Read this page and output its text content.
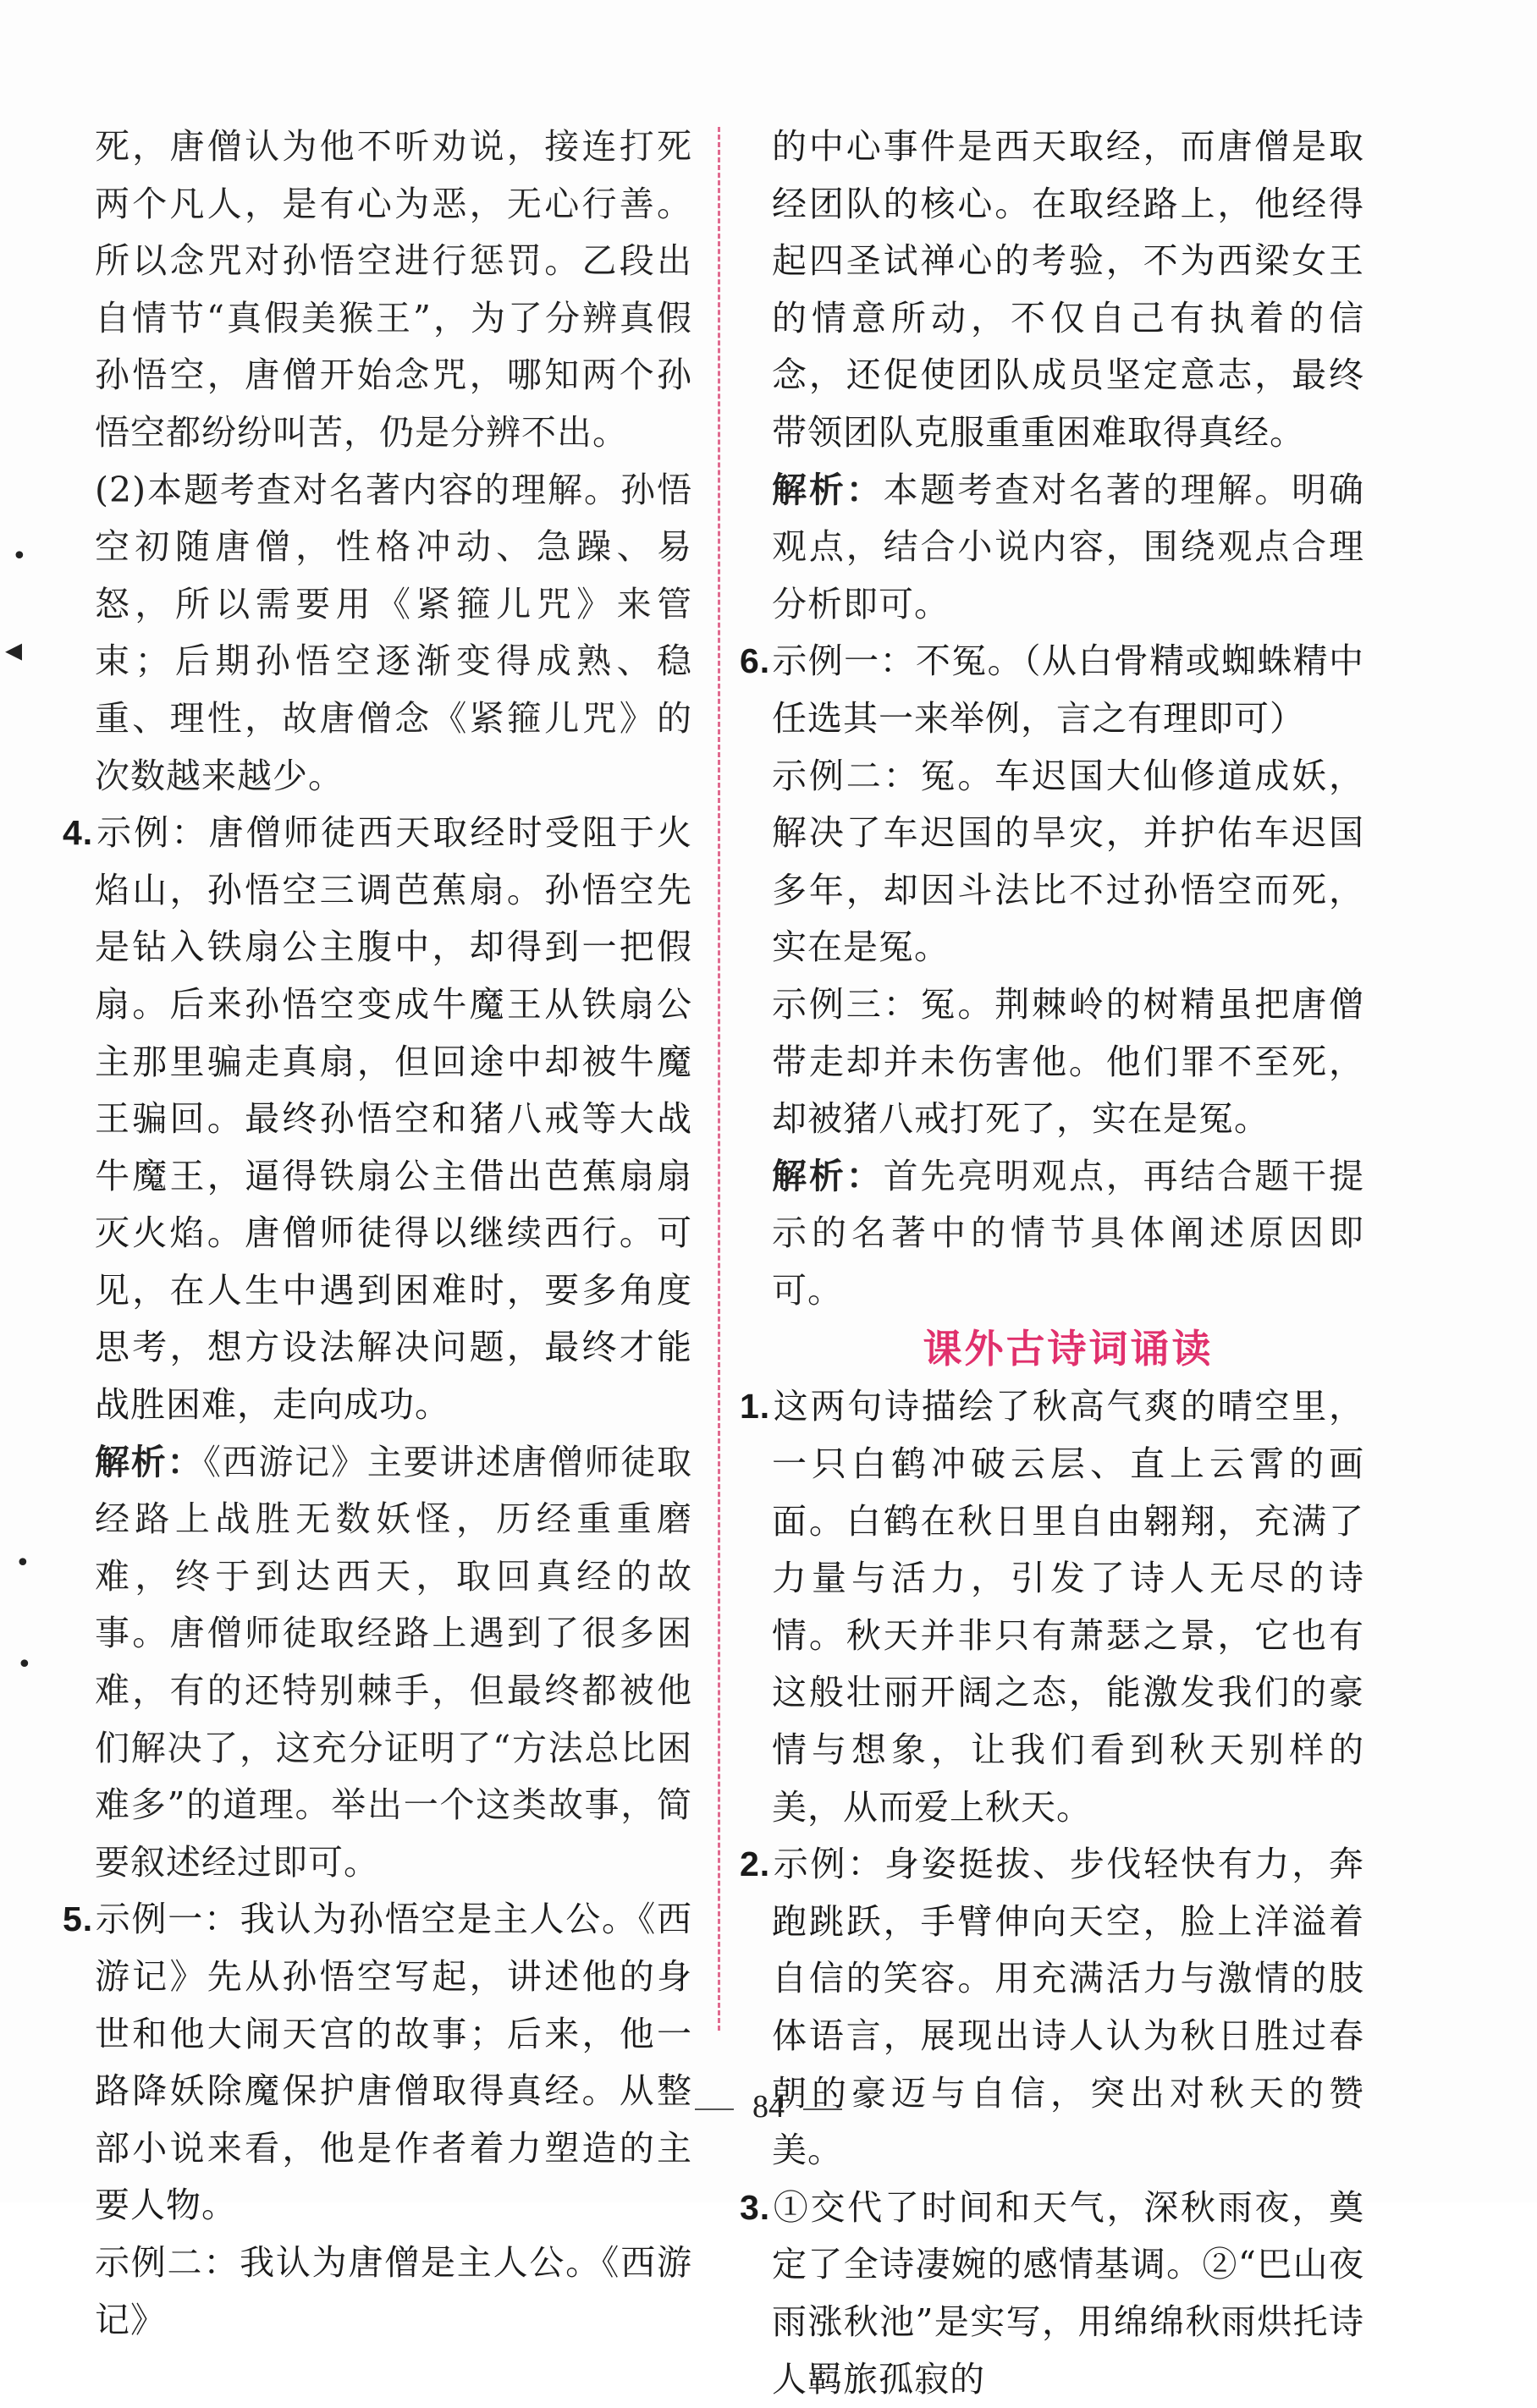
•
◂
•
•

死，唐僧认为他不听劝说，接连打死两个凡人，是有心为恶，无心行善。所以念咒对孙悟空进行惩罚。乙段出自情节“真假美猴王”，为了分辨真假孙悟空，唐僧开始念咒，哪知两个孙悟空都纷纷叫苦，仍是分辨不出。

(2)本题考查对名著内容的理解。孙悟空初随唐僧，性格冲动、急躁、易怒，所以需要用《紧箍儿咒》来管束；后期孙悟空逐渐变得成熟、稳重、理性，故唐僧念《紧箍儿咒》的次数越来越少。

4.示例：唐僧师徒西天取经时受阻于火焰山，孙悟空三调芭蕉扇。孙悟空先是钻入铁扇公主腹中，却得到一把假扇。后来孙悟空变成牛魔王从铁扇公主那里骗走真扇，但回途中却被牛魔王骗回。最终孙悟空和猪八戒等大战牛魔王，逼得铁扇公主借出芭蕉扇扇灭火焰。唐僧师徒得以继续西行。可见，在人生中遇到困难时，要多角度思考，想方设法解决问题，最终才能战胜困难，走向成功。

解析：《西游记》主要讲述唐僧师徒取经路上战胜无数妖怪，历经重重磨难，终于到达西天，取回真经的故事。唐僧师徒取经路上遇到了很多困难，有的还特别棘手，但最终都被他们解决了，这充分证明了“方法总比困难多”的道理。举出一个这类故事，简要叙述经过即可。

5.示例一：我认为孙悟空是主人公。《西游记》先从孙悟空写起，讲述他的身世和他大闹天宫的故事；后来，他一路降妖除魔保护唐僧取得真经。从整部小说来看，他是作者着力塑造的主要人物。

示例二：我认为唐僧是主人公。《西游记》

的中心事件是西天取经，而唐僧是取经团队的核心。在取经路上，他经得起四圣试禅心的考验，不为西梁女王的情意所动，不仅自己有执着的信念，还促使团队成员坚定意志，最终带领团队克服重重困难取得真经。

解析：本题考查对名著的理解。明确观点，结合小说内容，围绕观点合理分析即可。

6.示例一：不冤。（从白骨精或蜘蛛精中任选其一来举例，言之有理即可）

示例二：冤。车迟国大仙修道成妖，解决了车迟国的旱灾，并护佑车迟国多年，却因斗法比不过孙悟空而死，实在是冤。

示例三：冤。荆棘岭的树精虽把唐僧带走却并未伤害他。他们罪不至死，却被猪八戒打死了，实在是冤。

解析：首先亮明观点，再结合题干提示的名著中的情节具体阐述原因即可。

课外古诗词诵读

1.这两句诗描绘了秋高气爽的晴空里，一只白鹤冲破云层、直上云霄的画面。白鹤在秋日里自由翱翔，充满了力量与活力，引发了诗人无尽的诗情。秋天并非只有萧瑟之景，它也有这般壮丽开阔之态，能激发我们的豪情与想象，让我们看到秋天别样的美，从而爱上秋天。

2.示例：身姿挺拔、步伐轻快有力，奔跑跳跃，手臂伸向天空，脸上洋溢着自信的笑容。用充满活力与激情的肢体语言，展现出诗人认为秋日胜过春朝的豪迈与自信，突出对秋天的赞美。

3.①交代了时间和天气，深秋雨夜，奠定了全诗凄婉的感情基调。②“巴山夜雨涨秋池”是实写，用绵绵秋雨烘托诗人羁旅孤寂的

84
